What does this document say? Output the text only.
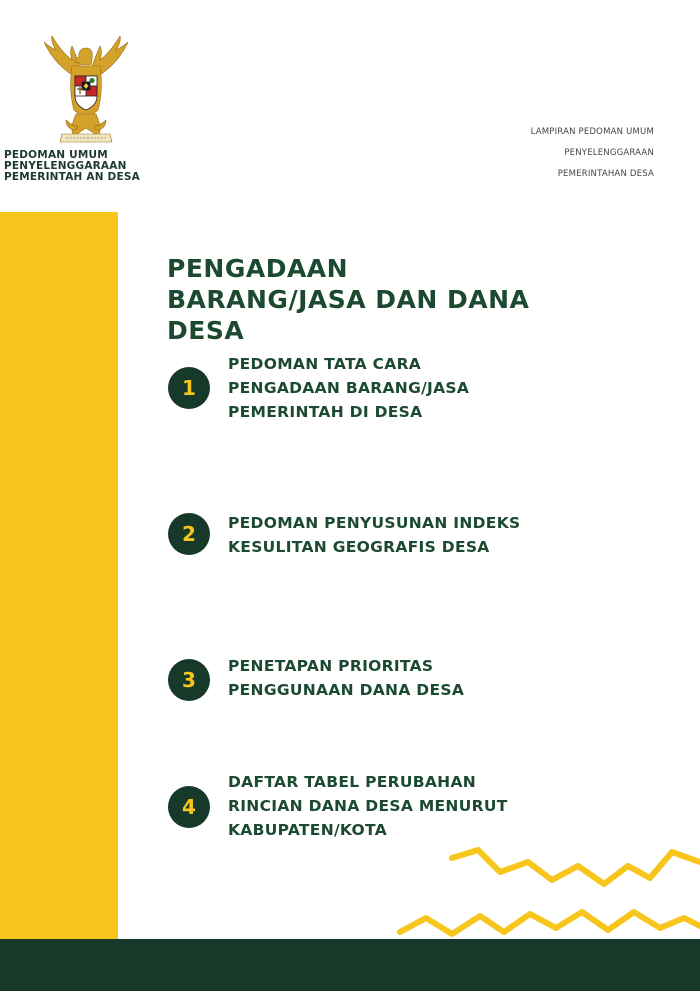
PEDOMAN UMUM
PENYELENGGARAAN
PEMERINTAH AN DESA
LAMPIRAN PEDOMAN UMUM
PENYELENGGARAAN
PEMERINTAHAN DESA
PENGADAAN
BARANG/JASA DAN DANA
DESA
1
PEDOMAN TATA CARA
PENGADAAN BARANG/JASA
PEMERINTAH DI DESA
2	PEDOMAN PENYUSUNAN INDEKS
KESULITAN GEOGRAFIS DESA
3
PENETAPAN PRIORITAS
PENGGUNAAN DANA DESA
4
DAFTAR TABEL PERUBAHAN
RINCIAN DANA DESA MENURUT
KABUPATEN/KOTA
